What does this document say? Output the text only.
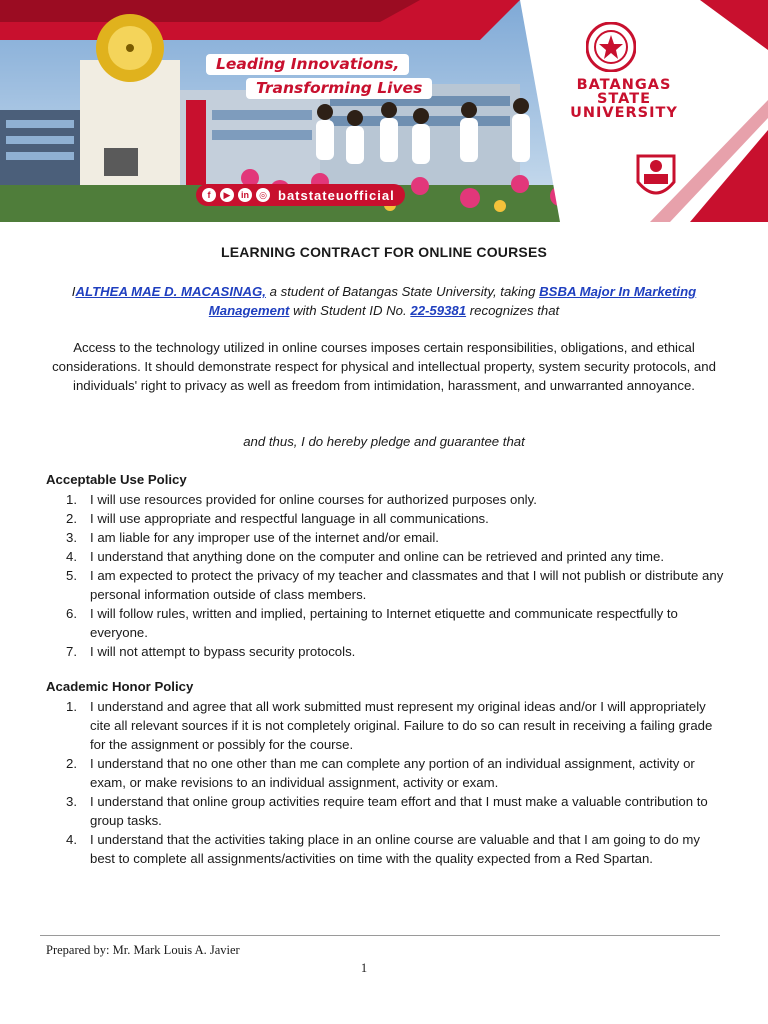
BATANGAS
STATE
UNIVERSITY
Leading Innovations,
Transforming Lives
f	▶	in	◎ batstateuofficial
LEARNING CONTRACT FOR ONLINE COURSES
IALTHEA MAE D. MACASINAG, a student of Batangas State University, taking BSBA Major In Marketing Management with Student ID No. 22-59381 recognizes that
Access to the technology utilized in online courses imposes certain responsibilities, obligations, and ethical considerations. It should demonstrate respect for physical and intellectual property, system security protocols, and individuals' right to privacy as well as freedom from intimidation, harassment, and unwarranted annoyance.
and thus, I do hereby pledge and guarantee that
Acceptable Use Policy
1. I will use resources provided for online courses for authorized purposes only.
2. I will use appropriate and respectful language in all communications.
3. I am liable for any improper use of the internet and/or email.
4. I understand that anything done on the computer and online can be retrieved and printed any time.
5. I am expected to protect the privacy of my teacher and classmates and that I will not publish or distribute any personal information outside of class members.
6. I will follow rules, written and implied, pertaining to Internet etiquette and communicate respectfully to everyone.
7. I will not attempt to bypass security protocols.
Academic Honor Policy
1. I understand and agree that all work submitted must represent my original ideas and/or I will appropriately cite all relevant sources if it is not completely original. Failure to do so can result in receiving a failing grade for the assignment or possibly for the course.
2. I understand that no one other than me can complete any portion of an individual assignment, activity or exam, or make revisions to an individual assignment, activity or exam.
3. I understand that online group activities require team effort and that I must make a valuable contribution to group tasks.
4. I understand that the activities taking place in an online course are valuable and that I am going to do my best to complete all assignments/activities on time with the quality expected from a Red Spartan.
Prepared by: Mr. Mark Louis A. Javier
1
